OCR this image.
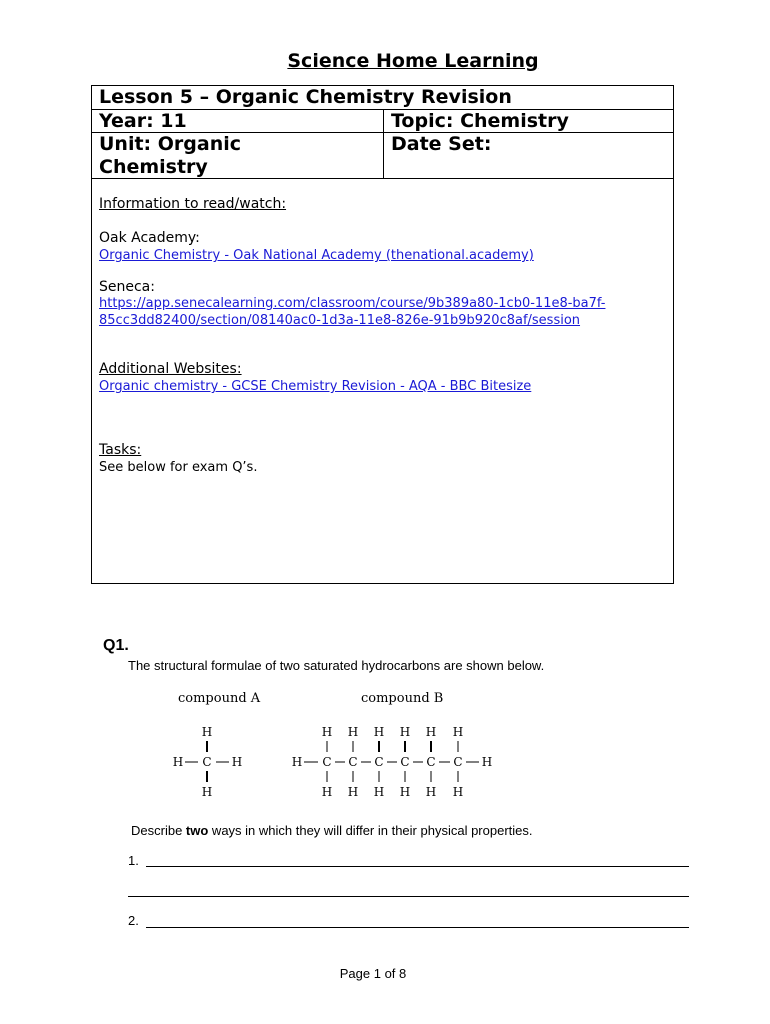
Science Home Learning
Lesson 5 – Organic Chemistry Revision
Year: 11	Topic: Chemistry
Unit: Organic
Chemistry
Date Set:
Information to read/watch:
Oak Academy:
Organic Chemistry - Oak National Academy (thenational.academy)
Seneca:
https://app.senecalearning.com/classroom/course/9b389a80-1cb0-11e8-ba7f-
85cc3dd82400/section/08140ac0-1d3a-11e8-826e-91b9b920c8af/session
Additional Websites:
Organic chemistry - GCSE Chemistry Revision - AQA - BBC Bitesize
Tasks:
See below for exam Q’s.
Q1.
The structural formulae of two saturated hydrocarbons are shown below.
compound A	compound B
H
H C H
H
H
H
C
H
H
C
H
H
C
H
H
C
H
H
C
H
H
C
H
H
Describe two ways in which they will differ in their physical properties.
1.
2.
Page 1 of 8
